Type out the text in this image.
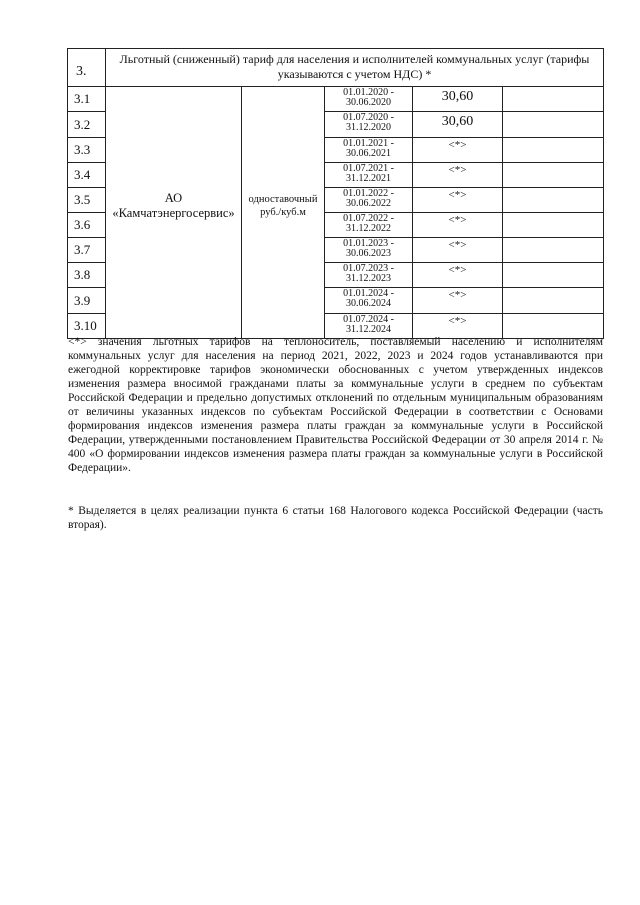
3.	Льготный (сниженный) тариф для населения и исполнителей коммунальных услуг (тарифы указываются с учетом НДС) *				
3.1	АО «Камчатэнергосервис»	одноставочный руб./куб.м	01.01.2020 - 30.06.2020	30,60	
3.2			01.07.2020 - 31.12.2020	30,60	
3.3			01.01.2021 - 30.06.2021	<*>	
3.4			01.07.2021 - 31.12.2021	<*>	
3.5			01.01.2022 - 30.06.2022	<*>	
3.6			01.07.2022 - 31.12.2022	<*>	
3.7			01.01.2023 - 30.06.2023	<*>	
3.8			01.07.2023 - 31.12.2023	<*>	
3.9			01.01.2024 - 30.06.2024	<*>	
3.10			01.07.2024 - 31.12.2024	<*>	

<*> значения льготных тарифов на теплоноситель, поставляемый населению и исполнителям коммунальных услуг для населения на период 2021, 2022, 2023 и 2024 годов устанавливаются при ежегодной корректировке тарифов экономически обоснованных с учетом утвержденных индексов изменения размера вносимой гражданами платы за коммунальные услуги в среднем по субъектам Российской Федерации и предельно допустимых отклонений по отдельным муниципальным образованиям от величины указанных индексов по субъектам Российской Федерации в соответствии с Основами формирования индексов изменения размера платы граждан за коммунальные услуги в Российской Федерации, утвержденными постановлением Правительства Российской Федерации от 30 апреля 2014 г. № 400 «О формировании индексов изменения размера платы граждан за коммунальные услуги в Российской Федерации».

* Выделяется в целях реализации пункта 6 статьи 168 Налогового кодекса Российской Федерации (часть вторая).
